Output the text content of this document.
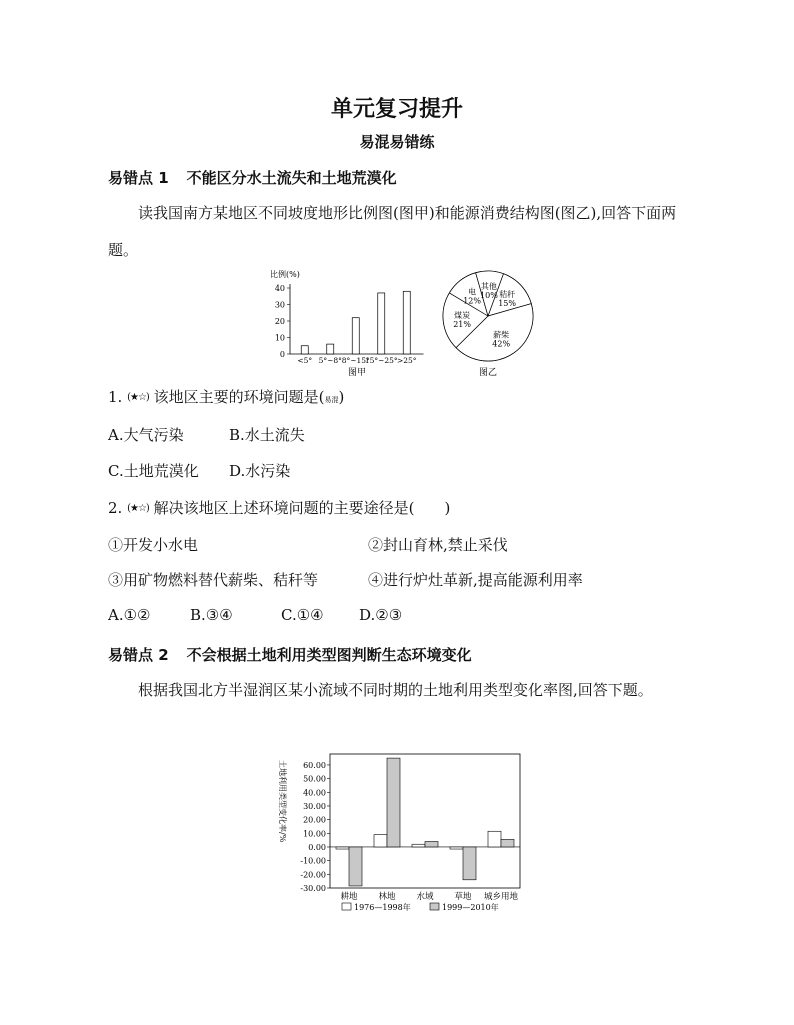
单元复习提升
易混易错练
易错点 1 不能区分水土流失和土地荒漠化
读我国南方某地区不同坡度地形比例图(图甲)和能源消费结构图(图乙),回答下面两题。
比例(%)
0
10
20
30
40
<5° 5°~8° 8°~15°
15°~25° >25°
图甲
秸秆
15%
薪柴
42%
煤炭
21%
电
12%
其他
10%
图乙
1. (★☆) 该地区主要的环境问题是(易混)
A.大气污染	B.水土流失
C.土地荒漠化 D.水污染
2. (★☆) 解决该地区上述环境问题的主要途径是( )
①开发小水电	②封山育林,禁止采伐
③用矿物燃料替代薪柴、秸秆等	④进行炉灶革新,提高能源利用率
A.①②	B.③④	C.①④ D.②③
易错点 2 不会根据土地利用类型图判断生态环境变化
根据我国北方半湿润区某小流域不同时期的土地利用类型变化率图,回答下题。
土地利用类型变化率/% 60.00
50.00
40.00
30.00
20.00
10.00
0.00
-10.00
-20.00
-30.00
耕地 林地 水域 草地 城乡用地
1976—1998年	1999—2010年
